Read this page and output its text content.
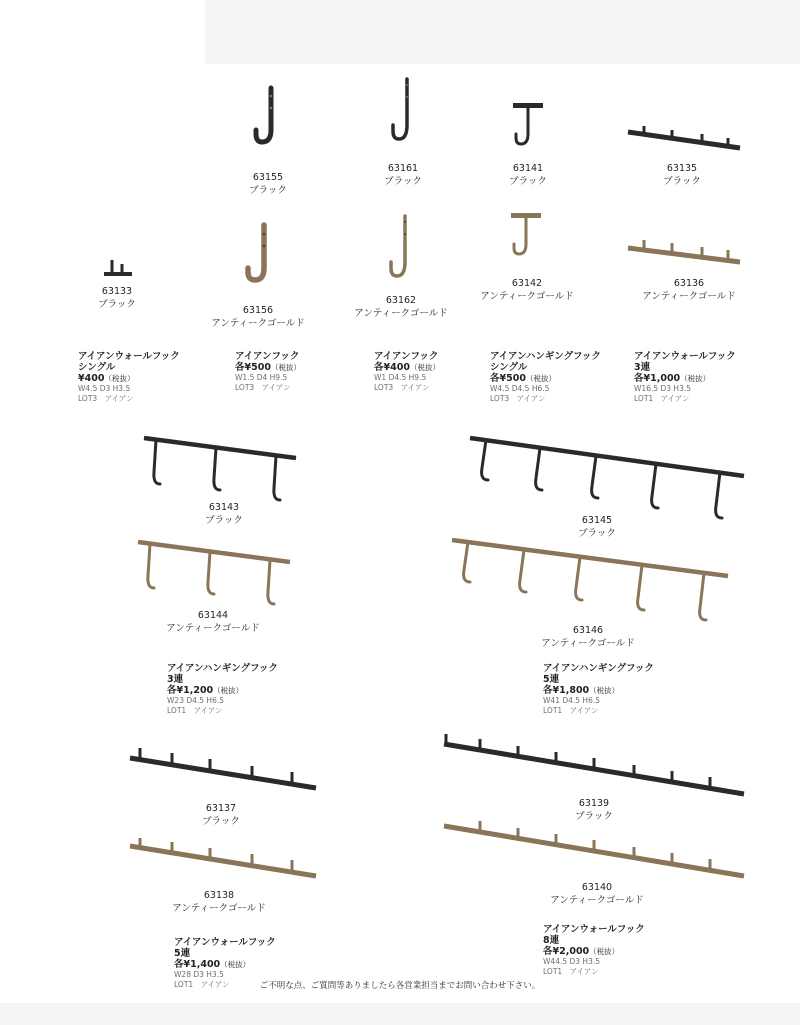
63155
ブラック
63161
ブラック
63141
ブラック
63135
ブラック
63133
ブラック
63156
アンティークゴールド
63162
アンティークゴールド
63142
アンティークゴールド
63136
アンティークゴールド
アイアンウォールフック
シングル
¥400（税抜）
W4.5 D3 H3.5
LOT3　アイアン
アイアンフック
各¥500（税抜）
W1.5 D4 H9.5
LOT3　アイアン
アイアンフック
各¥400（税抜）
W1 D4.5 H9.5
LOT3　アイアン
アイアンハンギングフック
シングル
各¥500（税抜）
W4.5 D4.5 H6.5
LOT3　アイアン
アイアンウォールフック
3連
各¥1,000（税抜）
W16.5 D3 H3.5
LOT1　アイアン
63143
ブラック	63145
ブラック
63144
アンティークゴールド	63146
アンティークゴールド
アイアンハンギングフック
3連
各¥1,200（税抜）
W23 D4.5 H6.5
LOT1　アイアン
アイアンハンギングフック
5連
各¥1,800（税抜）
W41 D4.5 H6.5
LOT1　アイアン
63137
ブラック
63139
ブラック
63138
アンティークゴールド
63140
アンティークゴールド
アイアンウォールフック
5連
各¥1,400（税抜）
W28 D3 H3.5
LOT1　アイアン
アイアンウォールフック
8連
各¥2,000（税抜）
W44.5 D3 H3.5
LOT1　アイアン
ご不明な点、ご質問等ありましたら各営業担当までお問い合わせ下さい。
